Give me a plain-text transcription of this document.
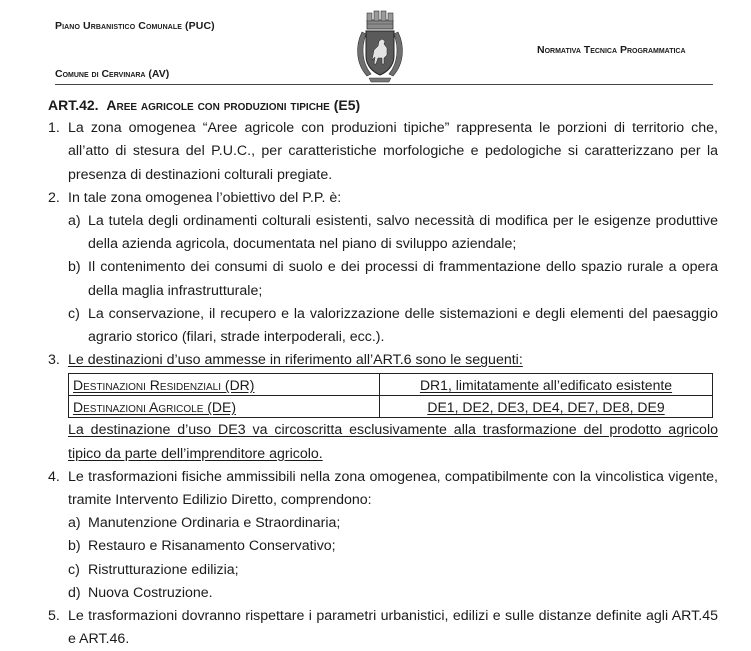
Piano Urbanistico Comunale (PUC)
Comune di Cervinara (AV)
Normativa Tecnica Programmatica
ART.42. Aree agricole con produzioni tipiche (E5)
1. La zona omogenea “Aree agricole con produzioni tipiche” rappresenta le porzioni di territorio che, all’atto di stesura del P.U.C., per caratteristiche morfologiche e pedologiche si caratterizzano per la presenza di destinazioni colturali pregiate.
2. In tale zona omogenea l’obiettivo del P.P. è:
a) La tutela degli ordinamenti colturali esistenti, salvo necessità di modifica per le esigenze produttive della azienda agricola, documentata nel piano di sviluppo aziendale;
b) Il contenimento dei consumi di suolo e dei processi di frammentazione dello spazio rurale a opera della maglia infrastrutturale;
c) La conservazione, il recupero e la valorizzazione delle sistemazioni e degli elementi del paesaggio agrario storico (filari, strade interpoderali, ecc.).
3. Le destinazioni d’uso ammesse in riferimento all’ART.6 sono le seguenti:
Destinazioni Residenziali (DR)	DR1, limitatamente all’edificato esistente
Destinazioni Agricole (DE)	DE1, DE2, DE3, DE4, DE7, DE8, DE9
La destinazione d’uso DE3 va circoscritta esclusivamente alla trasformazione del prodotto agricolo tipico da parte dell’imprenditore agricolo.
4. Le trasformazioni fisiche ammissibili nella zona omogenea, compatibilmente con la vincolistica vigente, tramite Intervento Edilizio Diretto, comprendono:
a) Manutenzione Ordinaria e Straordinaria;
b) Restauro e Risanamento Conservativo;
c) Ristrutturazione edilizia;
d) Nuova Costruzione.
5. Le trasformazioni dovranno rispettare i parametri urbanistici, edilizi e sulle distanze definite agli ART.45 e ART.46.
